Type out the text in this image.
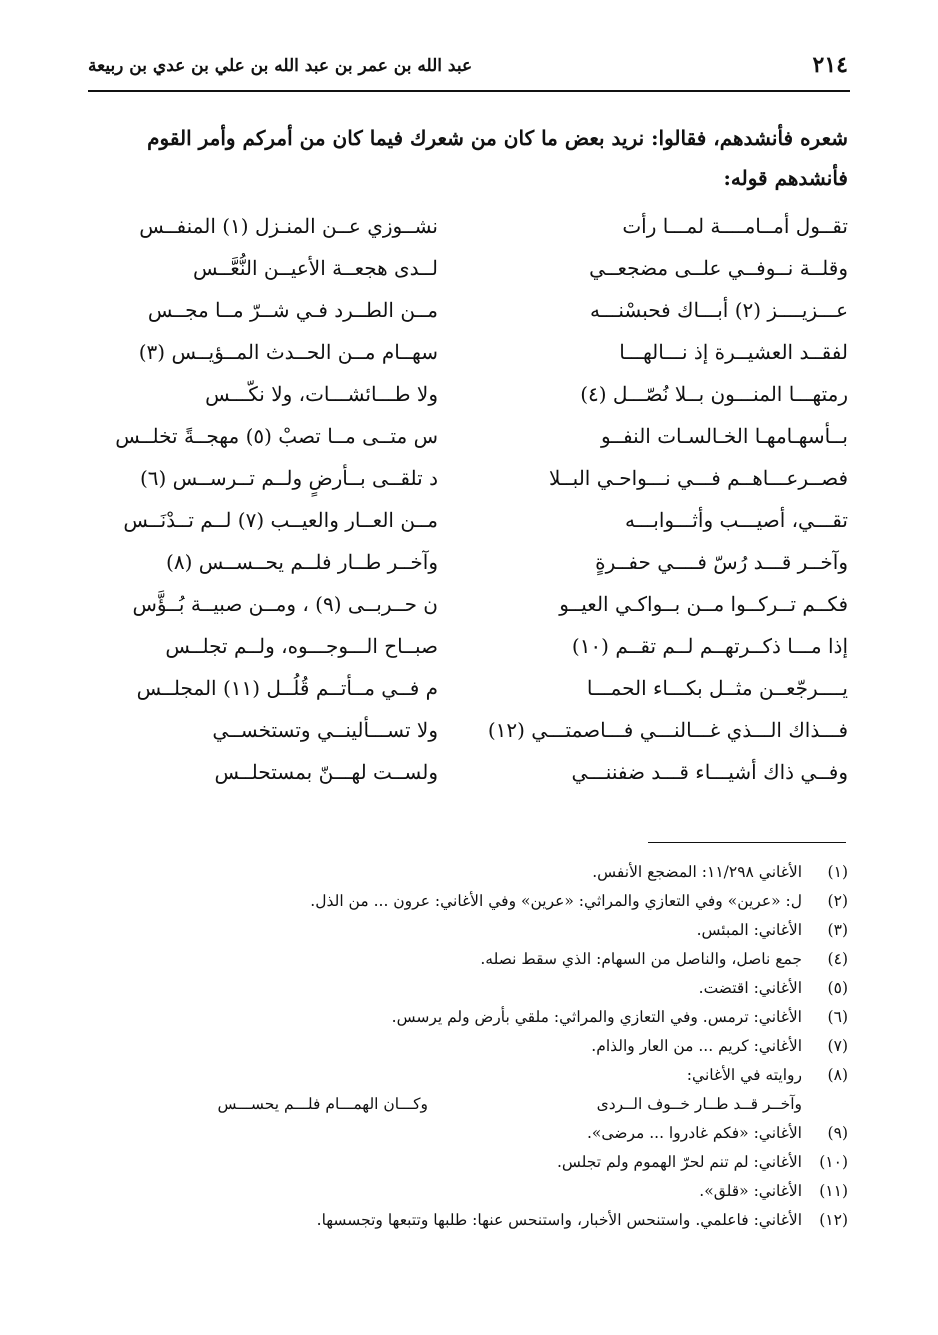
٢١٤
عبد الله بن عمر بن عبد الله بن علي بن عدي بن ربيعة

شعره فأنشدهم، فقالوا: نريد بعض ما كان من شعرك فيما كان من أمركم وأمر القوم

فأنشدهم قوله:

تقــول أمــامــــة لمـــا رأت
نشــوزي عــن المنـزل (١) المنفــس
وقلــة نــوفــي علــى مضجعــي
لــدى هجعــة الأعيــن النُّعَّــس
عـــزيــــز (٢) أبـــاك فحبسْنـــه
مــن الطــرد فـي شــرّ مــا مجــس
لفقــد العشيــرة إذ نـــالهـــا
سهــام مــن الحــدث المــؤيــس (٣)
رمتهـــا المنـــون بــلا نُصّـــل (٤)
ولا طـــائشـــات، ولا نكّـــس
بــأسهـامهـا الخـالسـات النفــو
س متــى مــا تصبْ (٥) مهجــةً تخلــس
فصــرعـــاهــم فـــي نـــواحـي البــلا
د تلقــى بــأرضٍ ولــم تــرســس (٦)
تقـــي، أصيـــب وأثـــوابـــه
مــن العــار والعيــب (٧) لــم تــدْنَــس
وآخــر قـــد رُسّ فــــي حفــرةٍ
وآخــر طــار فلــم يحــســس (٨)
فكــم تــركــوا مــن بــواكـي العيــو
ن حــربــى (٩) ، ومــن صبيــة بُــؤَّس
إذا مـــا ذكــرتهــم لــم تقــم (١٠)
صبــاح الـــوجـــوه، ولــم تجلــس
يــــرجّعــن مثــل بكـــاء الحمـــا
م فــي مــأتــم قُلُــل (١١) المجلــس
فـــذاك الـــذي غـــالنـــي فـــاصمتـــي (١٢)
ولا تســـألينــي وتستخســي
وفــي ذاك أشيـــاء قـــد ضفننـــي
ولســت لهـــنّ بمستحلــس
(١)
الأغاني ١١/٢٩٨: المضجع الأنفس.
(٢)
ل: «عرين» وفي التعازي والمراثي: «عرين» وفي الأغاني: عرون ... من الذل.
(٣)
الأغاني: المبئس.
(٤)
جمع ناصل، والناصل من السهام: الذي سقط نصله.
(٥)
الأغاني: اقتضت.
(٦)
الأغاني: ترمس. وفي التعازي والمراثي: ملقي بأرض ولم يرسس.
(٧)
الأغاني: كريم ... من العار والذام.
(٨)
روايته في الأغاني:
وآخــر قــد طــار خــوف الــردى
وكـــان الهمـــام فلـــم يحســـس
(٩)
الأغاني: «فكم غادروا ... مرضى».
(١٠)
الأغاني: لم تنم لحرّ الهموم ولم تجلس.
(١١)
الأغاني: «قلق».
(١٢)
الأغاني: فاعلمي. واستنحس الأخبار، واستنحس عنها: طلبها وتتبعها وتجسسها.
